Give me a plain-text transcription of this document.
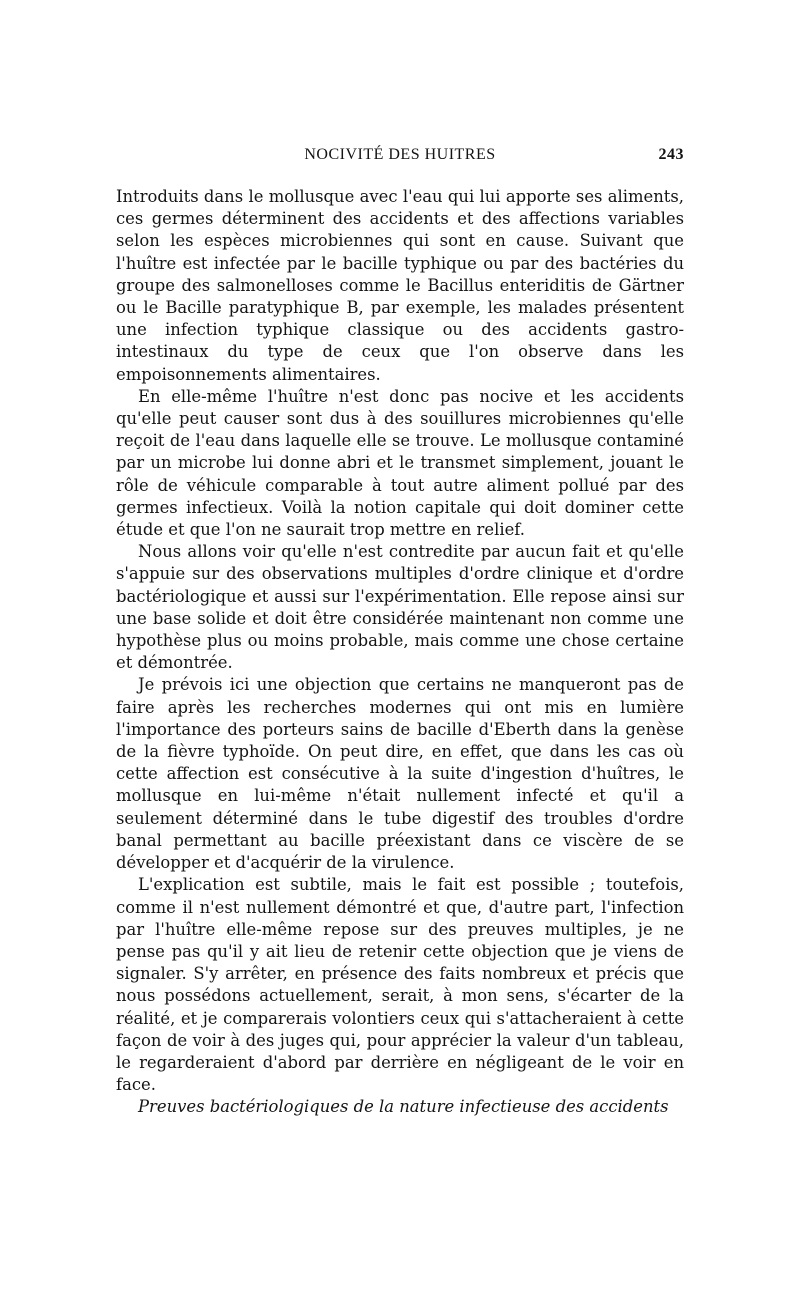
NOCIVITÉ DES HUITRES	243

Introduits dans le mollusque avec l'eau qui lui apporte ses aliments, ces germes déterminent des accidents et des affections variables selon les espèces microbiennes qui sont en cause. Suivant que l'huître est infectée par le bacille typhique ou par des bactéries du groupe des salmonelloses comme le Bacillus enteriditis de Gärtner ou le Bacille paratyphique B, par exemple, les malades présentent une infection typhique classique ou des accidents gastro-intestinaux du type de ceux que l'on observe dans les empoisonnements alimentaires.

En elle-même l'huître n'est donc pas nocive et les accidents qu'elle peut causer sont dus à des souillures microbiennes qu'elle reçoit de l'eau dans laquelle elle se trouve. Le mollusque contaminé par un microbe lui donne abri et le transmet simplement, jouant le rôle de véhicule comparable à tout autre aliment pollué par des germes infectieux. Voilà la notion capitale qui doit dominer cette étude et que l'on ne saurait trop mettre en relief.

Nous allons voir qu'elle n'est contredite par aucun fait et qu'elle s'appuie sur des observations multiples d'ordre clinique et d'ordre bactériologique et aussi sur l'expérimentation. Elle repose ainsi sur une base solide et doit être considérée maintenant non comme une hypothèse plus ou moins probable, mais comme une chose certaine et démontrée.

Je prévois ici une objection que certains ne manqueront pas de faire après les recherches modernes qui ont mis en lumière l'importance des porteurs sains de bacille d'Eberth dans la genèse de la fièvre typhoïde. On peut dire, en effet, que dans les cas où cette affection est consécutive à la suite d'ingestion d'huîtres, le mollusque en lui-même n'était nullement infecté et qu'il a seulement déterminé dans le tube digestif des troubles d'ordre banal permettant au bacille préexistant dans ce viscère de se développer et d'acquérir de la virulence.

L'explication est subtile, mais le fait est possible ; toutefois, comme il n'est nullement démontré et que, d'autre part, l'infection par l'huître elle-même repose sur des preuves multiples, je ne pense pas qu'il y ait lieu de retenir cette objection que je viens de signaler. S'y arrêter, en présence des faits nombreux et précis que nous possédons actuellement, serait, à mon sens, s'écarter de la réalité, et je comparerais volontiers ceux qui s'attacheraient à cette façon de voir à des juges qui, pour apprécier la valeur d'un tableau, le regarderaient d'abord par derrière en négligeant de le voir en face.

Preuves bactériologiques de la nature infectieuse des accidents
